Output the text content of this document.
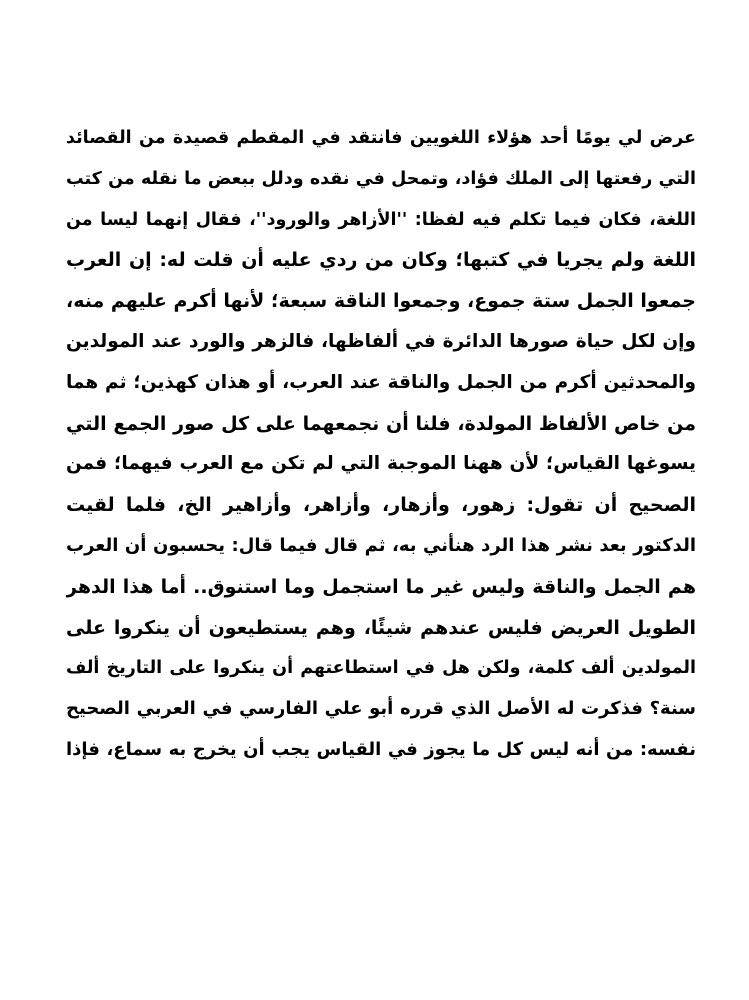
عرض لي يومًا أحد هؤلاء اللغويين فانتقد في المقطم قصيدة من القصائد
التي رفعتها إلى الملك فؤاد، وتمحل في نقده ودلل ببعض ما نقله من كتب
اللغة، فكان فيما تكلم فيه لفظا: ''الأزاهر والورود''، فقال إنهما ليسا من
اللغة ولم يجريا في كتبها؛ وكان من ردي عليه أن قلت له: إن العرب
جمعوا الجمل ستة جموع، وجمعوا الناقة سبعة؛ لأنها أكرم عليهم منه،
وإن لكل حياة صورها الدائرة في ألفاظها، فالزهر والورد عند المولدين
والمحدثين أكرم من الجمل والناقة عند العرب، أو هذان كهذين؛ ثم هما
من خاص الألفاظ المولدة، فلنا أن نجمعهما على كل صور الجمع التي
يسوغها القياس؛ لأن ههنا الموجبة التي لم تكن مع العرب فيهما؛ فمن
الصحيح أن تقول: زهور، وأزهار، وأزاهر، وأزاهير الخ، فلما لقيت
الدكتور بعد نشر هذا الرد هنأني به، ثم قال فيما قال: يحسبون أن العرب
هم الجمل والناقة وليس غير ما استجمل وما استنوق.. أما هذا الدهر
الطويل العريض فليس عندهم شيئًا، وهم يستطيعون أن ينكروا على
المولدين ألف كلمة، ولكن هل في استطاعتهم أن ينكروا على التاريخ ألف
سنة؟ فذكرت له الأصل الذي قرره أبو علي الفارسي في العربي الصحيح
نفسه: من أنه ليس كل ما يجوز في القياس يجب أن يخرج به سماع، فإذا
